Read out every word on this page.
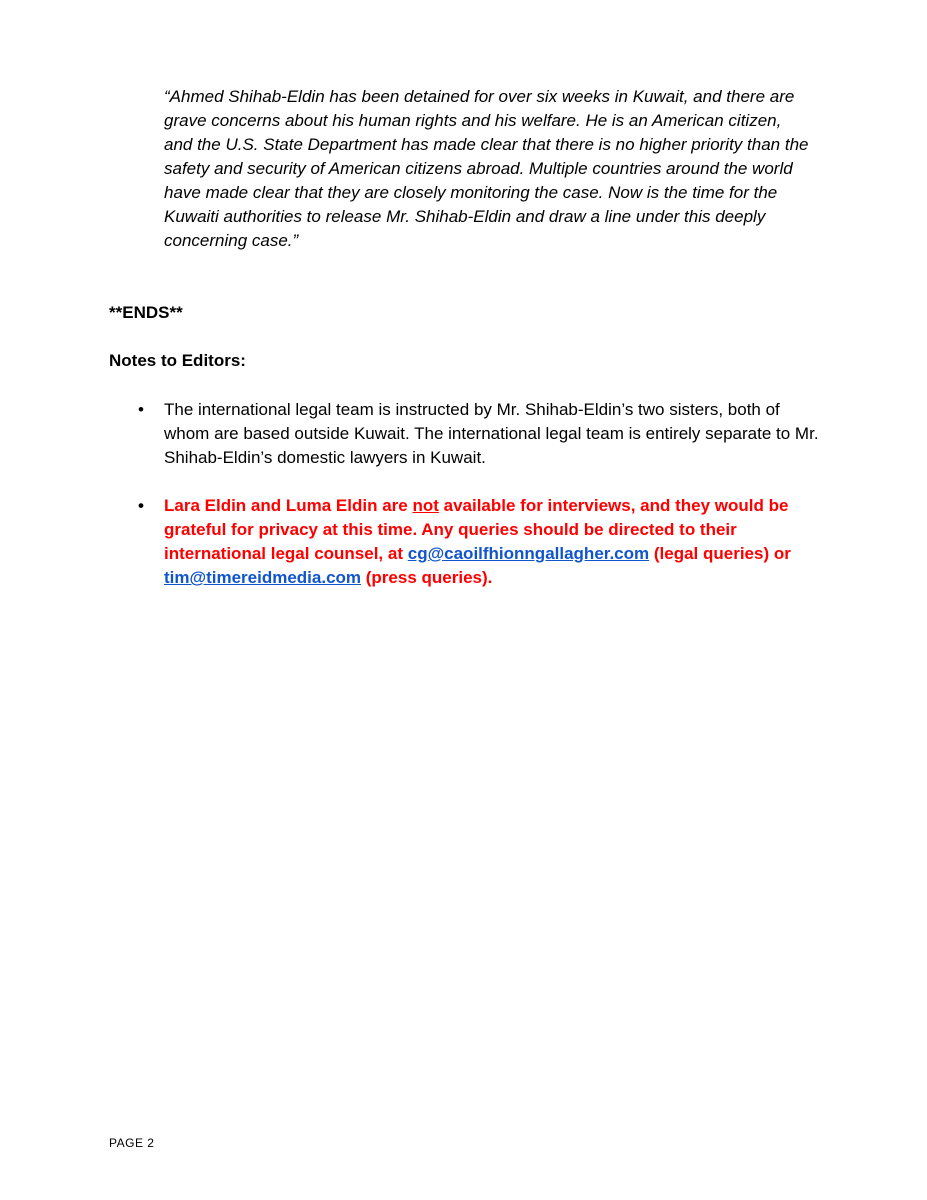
“Ahmed Shihab-Eldin has been detained for over six weeks in Kuwait, and there are grave concerns about his human rights and his welfare. He is an American citizen, and the U.S. State Department has made clear that there is no higher priority than the safety and security of American citizens abroad. Multiple countries around the world have made clear that they are closely monitoring the case. Now is the time for the Kuwaiti authorities to release Mr. Shihab-Eldin and draw a line under this deeply concerning case.”

**ENDS**

Notes to Editors:

• The international legal team is instructed by Mr. Shihab-Eldin’s two sisters, both of whom are based outside Kuwait. The international legal team is entirely separate to Mr. Shihab-Eldin’s domestic lawyers in Kuwait.
• Lara Eldin and Luma Eldin are not available for interviews, and they would be grateful for privacy at this time. Any queries should be directed to their international legal counsel, at cg@caoilfhionngallagher.com (legal queries) or tim@timereidmedia.com (press queries).

PAGE 2
